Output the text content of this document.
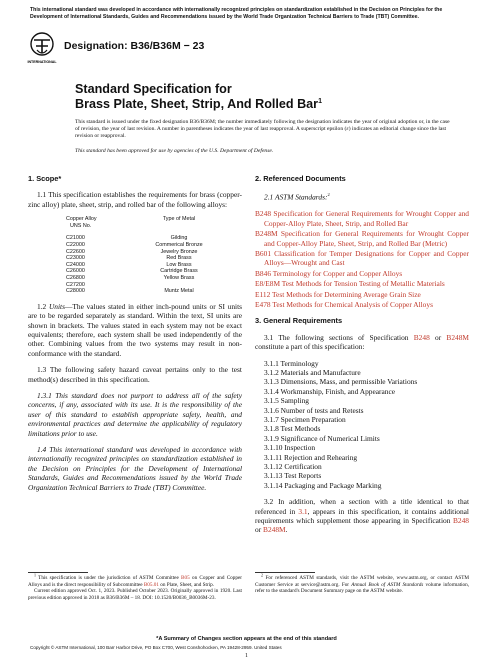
This international standard was developed in accordance with internationally recognized principles on standardization established in the Decision on Principles for the Development of International Standards, Guides and Recommendations issued by the World Trade Organization Technical Barriers to Trade (TBT) Committee.
INTERNATIONAL
Designation: B36/B36M − 23
Standard Specification for
Brass Plate, Sheet, Strip, And Rolled Bar$^1$
This standard is issued under the fixed designation B36/B36M; the number immediately following the designation indicates the year of original adoption or, in the case of revision, the year of last revision. A number in parentheses indicates the year of last reapproval. A superscript epsilon (ε) indicates an editorial change since the last revision or reapproval.
This standard has been approved for use by agencies of the U.S. Department of Defense.
1. Scope*

1.1 This specification establishes the requirements for brass (copper-zinc alloy) plate, sheet, strip, and rolled bar of the following alloys:

Copper Alloy
UNS No.
Type of Metal
C21000	Gilding
C22000	Commerical Bronze
C22600	Jewelry Bronze
C23000	Red Brass
C24000	Low Brass
C26000	Cartridge Brass
C26800	Yellow Brass
C27200
C28000	Muntz Metal

1.2 Units—The values stated in either inch-pound units or SI units are to be regarded separately as standard. Within the text, SI units are shown in brackets. The values stated in each system may not be exact equivalents; therefore, each system shall be used independently of the other. Combining values from the two systems may result in non-conformance with the standard.

1.3 The following safety hazard caveat pertains only to the test method(s) described in this specification.

1.3.1 This standard does not purport to address all of the safety concerns, if any, associated with its use. It is the responsibility of the user of this standard to establish appropriate safety, health, and environmental practices and determine the applicability of regulatory limitations prior to use.

1.4 This international standard was developed in accordance with internationally recognized principles on standardization established in the Decision on Principles for the Development of International Standards, Guides and Recommendations issued by the World Trade Organization Technical Barriers to Trade (TBT) Committee.

2. Referenced Documents

2.1 ASTM Standards:$^2$

B248 Specification for General Requirements for Wrought Copper and Copper-Alloy Plate, Sheet, Strip, and Rolled Bar
B248M Specification for General Requirements for Wrought Copper and Copper-Alloy Plate, Sheet, Strip, and Rolled Bar (Metric)
B601 Classification for Temper Designations for Copper and Copper Alloys—Wrought and Cast
B846 Terminology for Copper and Copper Alloys
E8/E8M Test Methods for Tension Testing of Metallic Materials
E112 Test Methods for Determining Average Grain Size
E478 Test Methods for Chemical Analysis of Copper Alloys
3. General Requirements

3.1 The following sections of Specification B248 or B248M constitute a part of this specification:

3.1.1 Terminology
3.1.2 Materials and Manufacture
3.1.3 Dimensions, Mass, and permissible Variations
3.1.4 Workmanship, Finish, and Appearance
3.1.5 Sampling
3.1.6 Number of tests and Retests
3.1.7 Specimen Preparation
3.1.8 Test Methods
3.1.9 Significance of Numerical Limits
3.1.10 Inspection
3.1.11 Rejection and Rehearing
3.1.12 Certification
3.1.13 Test Reports
3.1.14 Packaging and Package Marking

3.2 In addition, when a section with a title identical to that referenced in 3.1, appears in this specification, it contains additional requirements which supplement those appearing in Specification B248 or B248M.

$^1$ This specification is under the jurisdiction of ASTM Committee B05 on Copper and Copper Alloys and is the direct responsibility of Subcommittee B05.01 on Plate, Sheet, and Strip.
Current edition approved Oct. 1, 2023. Published October 2023. Originally approved in 1920. Last previous edition approved in 2018 as B36/B36M – 18. DOI: 10.1520/B0036_B0036M-23.
$^2$ For referenced ASTM standards, visit the ASTM website, www.astm.org, or contact ASTM Customer Service at service@astm.org. For Annual Book of ASTM Standards volume information, refer to the standard's Document Summary page on the ASTM website.
*A Summary of Changes section appears at the end of this standard
Copyright © ASTM International, 100 Barr Harbor Drive, PO Box C700, West Conshohocken, PA 19428-2959. United States
1
